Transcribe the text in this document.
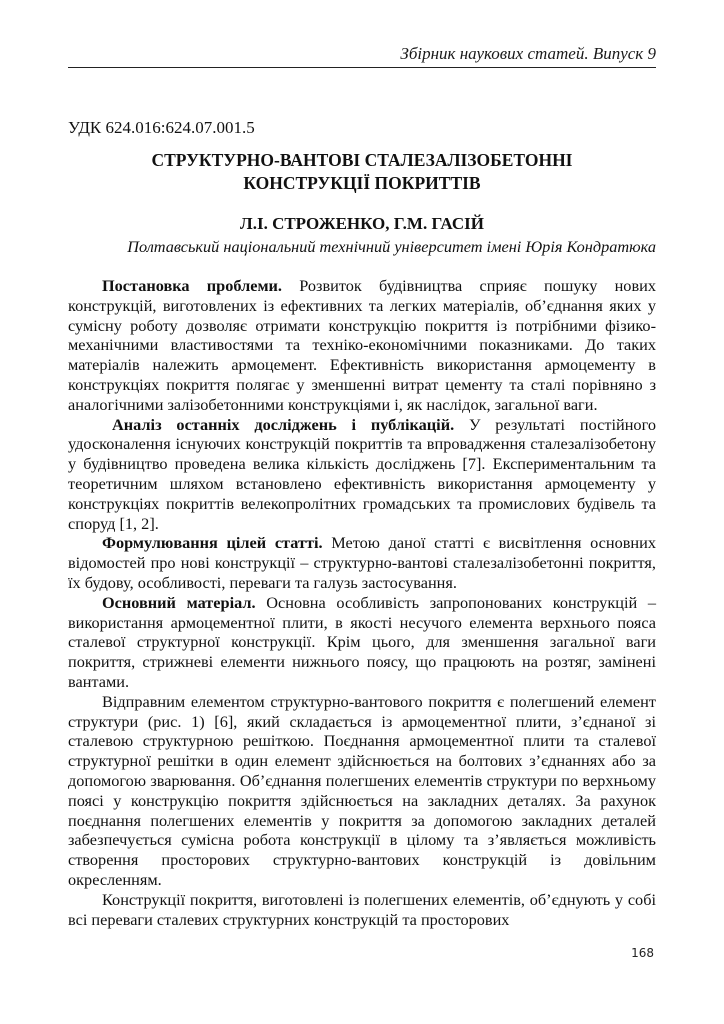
Збірник наукових статей. Випуск 9
УДК 624.016:624.07.001.5
СТРУКТУРНО-ВАНТОВІ СТАЛЕЗАЛІЗОБЕТОННІ
КОНСТРУКЦІЇ ПОКРИТТІВ
Л.І. СТРОЖЕНКО, Г.М. ГАСІЙ
Полтавський національний технічний університет імені Юрія Кондратюка

Постановка проблеми. Розвиток будівництва сприяє пошуку нових конструкцій, виготовлених із ефективних та легких матеріалів, об’єднання яких у сумісну роботу дозволяє отримати конструкцію покриття із потрібними фізико-механічними властивостями та техніко-економічними показниками. До таких матеріалів належить армоцемент. Ефективність використання армоцементу в конструкціях покриття полягає у зменшенні витрат цементу та сталі порівняно з аналогічними залізобетонними конструкціями і, як наслідок, загальної ваги.

Аналіз останніх досліджень і публікацій. У результаті постійного удосконалення існуючих конструкцій покриттів та впровадження сталезалізобетону у будівництво проведена велика кількість досліджень [7]. Експериментальним та теоретичним шляхом встановлено ефективність використання армоцементу у конструкціях покриттів велекопролітних громадських та промислових будівель та споруд [1, 2].

Формулювання цілей статті. Метою даної статті є висвітлення основних відомостей про нові конструкції – структурно-вантові сталезалізобетонні покриття, їх будову, особливості, переваги та галузь застосування.

Основний матеріал. Основна особливість запропонованих конструкцій – використання армоцементної плити, в якості несучого елемента верхнього пояса сталевої структурної конструкції. Крім цього, для зменшення загальної ваги покриття, стрижневі елементи нижнього поясу, що працюють на розтяг, замінені вантами.

Відправним елементом структурно-вантового покриття є полегшений елемент структури (рис. 1) [6], який складається із армоцементної плити, з’єднаної зі сталевою структурною решіткою. Поєднання армоцементної плити та сталевої структурної решітки в один елемент здійснюється на болтових з’єднаннях або за допомогою зварювання. Об’єднання полегшених елементів структури по верхньому поясі у конструкцію покриття здійснюється на закладних деталях. За рахунок поєднання полегшених елементів у покриття за допомогою закладних деталей забезпечується сумісна робота конструкції в цілому та з’являється можливість створення просторових структурно-вантових конструкцій із довільним окресленням.

Конструкції покриття, виготовлені із полегшених елементів, об’єднують у собі всі переваги сталевих структурних конструкцій та просторових

168
